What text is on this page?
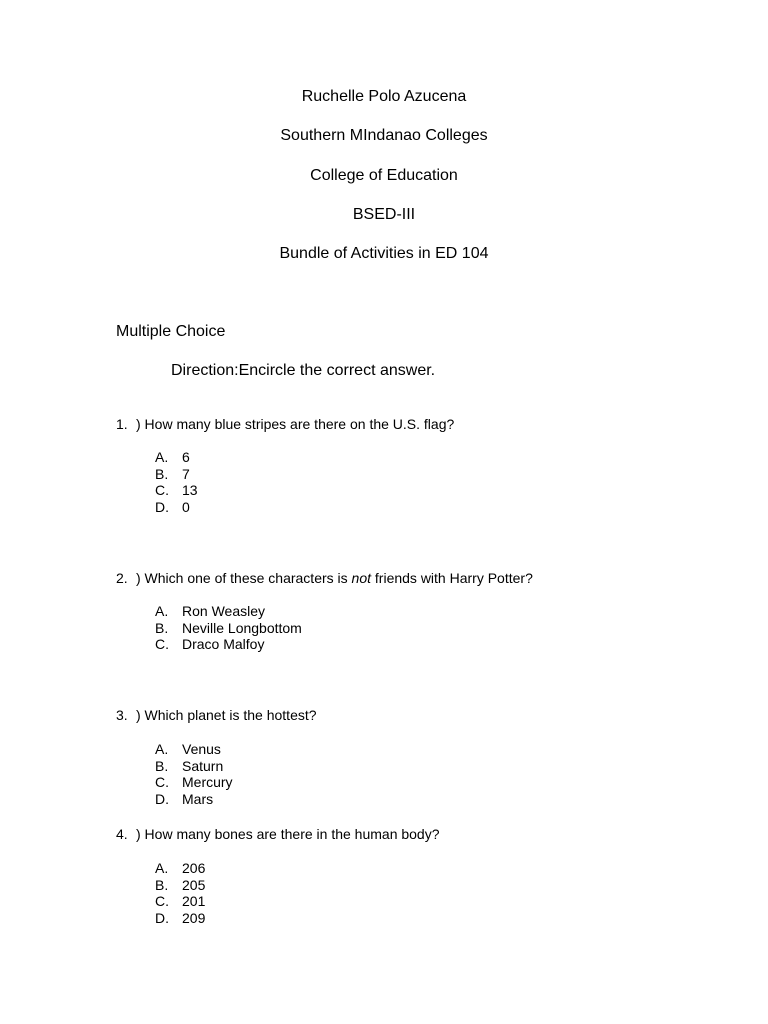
Ruchelle Polo Azucena
Southern MIndanao Colleges
College of Education
BSED-III
Bundle of Activities in ED 104
Multiple Choice
Direction:Encircle the correct answer.
1. ) How many blue stripes are there on the U.S. flag?
A. 6
B. 7
C. 13
D. 0
2. ) Which one of these characters is not friends with Harry Potter?
A. Ron Weasley
B. Neville Longbottom
C. Draco Malfoy
3. ) Which planet is the hottest?
A. Venus
B. Saturn
C. Mercury
D. Mars
4. ) How many bones are there in the human body?
A. 206
B. 205
C. 201
D. 209
